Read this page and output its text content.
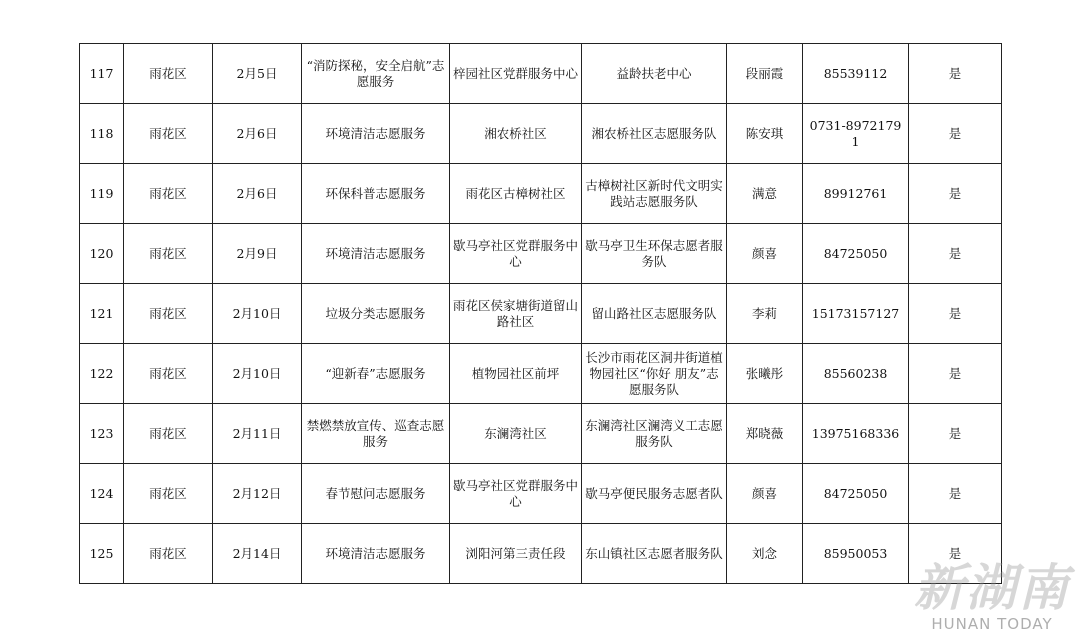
117	雨花区	2月5日	“消防探秘，安全启航”志愿服务	梓园社区党群服务中心	益龄扶老中心	段丽霞	85539112	是
118	雨花区	2月6日	环境清洁志愿服务	湘农桥社区	湘农桥社区志愿服务队	陈安琪	0731-89721791	是
119	雨花区	2月6日	环保科普志愿服务	雨花区古樟树社区	古樟树社区新时代文明实践站志愿服务队	满意	89912761	是
120	雨花区	2月9日	环境清洁志愿服务	歇马亭社区党群服务中心	歇马亭卫生环保志愿者服务队	颜喜	84725050	是
121	雨花区	2月10日	垃圾分类志愿服务	雨花区侯家塘街道留山路社区	留山路社区志愿服务队	李莉	15173157127	是
122	雨花区	2月10日	“迎新春”志愿服务	植物园社区前坪	长沙市雨花区洞井街道植物园社区“你好 朋友”志愿服务队	张曦彤	85560238	是
123	雨花区	2月11日	禁燃禁放宣传、巡查志愿服务	东澜湾社区	东澜湾社区澜湾义工志愿服务队	郑晓薇	13975168336	是
124	雨花区	2月12日	春节慰问志愿服务	歇马亭社区党群服务中心	歇马亭便民服务志愿者队	颜喜	84725050	是
125	雨花区	2月14日	环境清洁志愿服务	浏阳河第三责任段	东山镇社区志愿者服务队	刘念	85950053	是
新湖南
HUNAN TODAY
